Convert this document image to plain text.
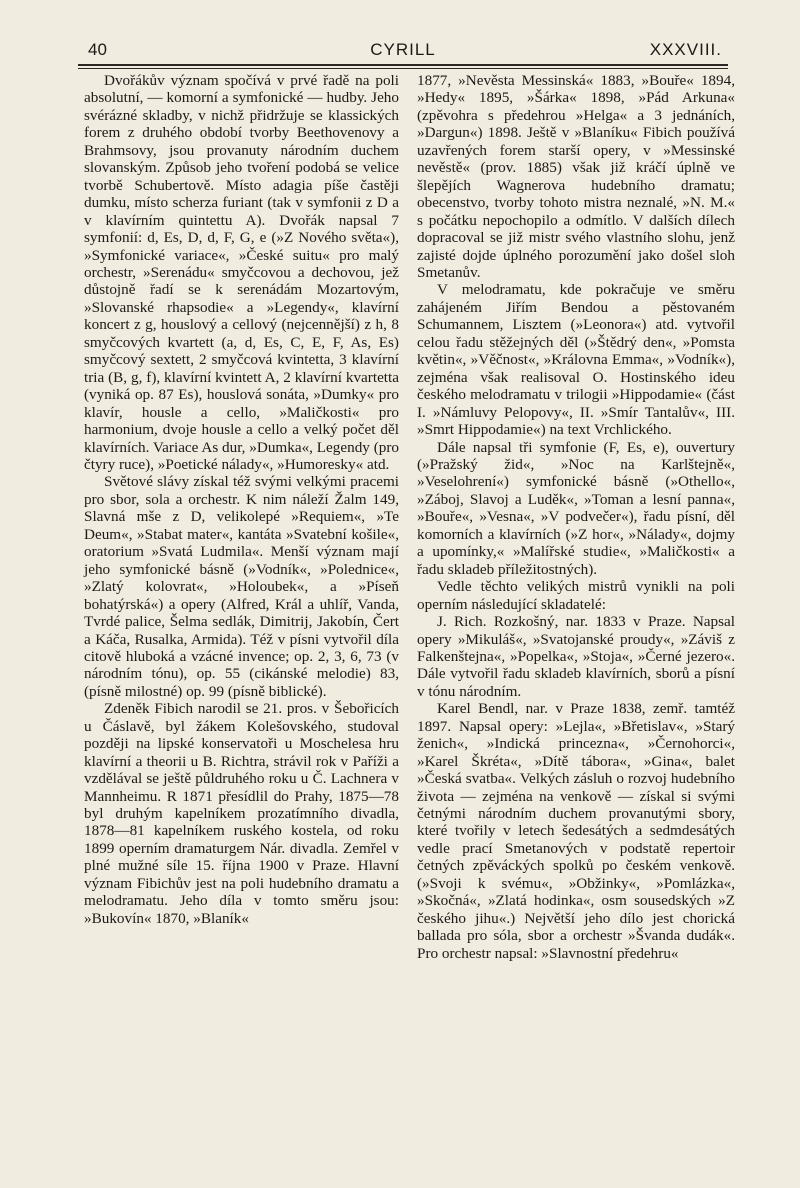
40	CYRILL	XXXVIII.

Dvořákův význam spočívá v prvé řadě na poli absolutní, — komorní a symfonické — hudby. Jeho svérázné skladby, v nichž přidržuje se klassických forem z druhého období tvorby Beethovenovy a Brahmsovy, jsou provanuty národním duchem slovanským. Způsob jeho tvoření podobá se velice tvorbě Schubertově. Místo adagia píše častěji dumku, místo scherza furiant (tak v symfonii z D a v klavírním quintettu A). Dvořák napsal 7 symfonií: d, Es, D, d, F, G, e (»Z Nového světa«), »Symfonické variace«, »České suitu« pro malý orchestr, »Serenádu« smyčcovou a dechovou, jež důstojně řadí se k serenádám Mozartovým, »Slovanské rhapsodie« a »Legendy«, klavírní koncert z g, houslový a cellový (nejcennější) z h, 8 smyčcových kvartett (a, d, Es, C, E, F, As, Es) smyčcový sextett, 2 smyčcová kvintetta, 3 klavírní tria (B, g, f), klavírní kvintett A, 2 klavírní kvartetta (vyniká op. 87 Es), houslová sonáta, »Dumky« pro klavír, housle a cello, »Maličkosti« pro harmonium, dvoje housle a cello a velký počet děl klavírních. Variace As dur, »Dumka«, Legendy (pro čtyry ruce), »Poetické nálady«, »Humoresky« atd.

Světové slávy získal též svými velkými pracemi pro sbor, sola a orchestr. K nim náleží Žalm 149, Slavná mše z D, velikolepé »Requiem«, »Te Deum«, »Stabat mater«, kantáta »Svatební košile«, oratorium »Svatá Ludmila«. Menší význam mají jeho symfonické básně (»Vodník«, »Polednice«, »Zlatý kolovrat«, »Holoubek«, a »Píseň bohatýrská«) a opery (Alfred, Král a uhlíř, Vanda, Tvrdé palice, Šelma sedlák, Dimitrij, Jakobín, Čert a Káča, Rusalka, Armida). Též v písni vytvořil díla citově hluboká a vzácné invence; op. 2, 3, 6, 73 (v národním tónu), op. 55 (cikánské melodie) 83, (písně milostné) op. 99 (písně biblické).

Zdeněk Fibich narodil se 21. pros. v Šebořicích u Čáslavě, byl žákem Kolešovského, studoval později na lipské konservatoři u Moschelesa hru klavírní a theorii u B. Richtra, strávil rok v Paříži a vzdělával se ještě půldruhého roku u Č. Lachnera v Mannheimu. R 1871 přesídlil do Prahy, 1875—78 byl druhým kapelníkem prozatímního divadla, 1878—81 kapelníkem ruského kostela, od roku 1899 operním dramaturgem Nár. divadla. Zemřel v plné mužné síle 15. října 1900 v Praze. Hlavní význam Fibichův jest na poli hudebního dramatu a melodramatu. Jeho díla v tomto směru jsou: »Bukovín« 1870, »Blaník«

1877, »Nevěsta Messinská« 1883, »Bouře« 1894, »Hedy« 1895, »Šárka« 1898, »Pád Arkuna« (zpěvohra s předehrou »Helga« a 3 jednáních, »Dargun«) 1898. Ještě v »Blaníku« Fibich používá uzavřených forem starší opery, v »Messinské nevěstě« (prov. 1885) však již kráčí úplně ve šlepějích Wagnerova hudebního dramatu; obecenstvo, tvorby tohoto mistra neznalé, »N. M.« s počátku nepochopilo a odmítlo. V dalších dílech dopracoval se již mistr svého vlastního slohu, jenž zajisté dojde úplného porozumění jako došel sloh Smetanův.

V melodramatu, kde pokračuje ve směru zahájeném Jiřím Bendou a pěstovaném Schumannem, Lisztem (»Leonora«) atd. vytvořil celou řadu stěžejných děl (»Štědrý den«, »Pomsta květin«, »Věčnost«, »Královna Emma«, »Vodník«), zejména však realisoval O. Hostinského ideu českého melodramatu v trilogii »Hippodamie« (část I. »Námluvy Pelopovy«, II. »Smír Tantalův«, III. »Smrt Hippodamie«) na text Vrchlického.

Dále napsal tři symfonie (F, Es, e), ouvertury (»Pražský žid«, »Noc na Karlštejně«, »Veselohrení«) symfonické básně (»Othello«, »Záboj, Slavoj a Luděk«, »Toman a lesní panna«, »Bouře«, »Vesna«, »V podvečer«), řadu písní, děl komorních a klavírních (»Z hor«, »Nálady«, dojmy a upomínky,« »Malířské studie«, »Maličkosti« a řadu skladeb příležitostných).

Vedle těchto velikých mistrů vynikli na poli operním následující skladatelé:

J. Rich. Rozkošný, nar. 1833 v Praze. Napsal opery »Mikuláš«, »Svatojanské proudy«, »Záviš z Falkenštejna«, »Popelka«, »Stoja«, »Černé jezero«. Dále vytvořil řadu skladeb klavírních, sborů a písní v tónu národním.

Karel Bendl, nar. v Praze 1838, zemř. tamtéž 1897. Napsal opery: »Lejla«, »Břetislav«, »Starý ženich«, »Indická princezna«, »Černohorci«, »Karel Škréta«, »Dítě tábora«, »Gina«, balet »Česká svatba«. Velkých zásluh o rozvoj hudebního života — zejména na venkově — získal si svými četnými národním duchem provanutými sbory, které tvořily v letech šedesátých a sedmdesátých vedle prací Smetanových v podstatě repertoir četných zpěváckých spolků po českém venkově. (»Svoji k svému«, »Obžinky«, »Pomlázka«, »Skočná«, »Zlatá hodinka«, osm sousedských »Z českého jihu«.) Největší jeho dílo jest chorická ballada pro sóla, sbor a orchestr »Švanda dudák«. Pro orchestr napsal: »Slavnostní předehru«
